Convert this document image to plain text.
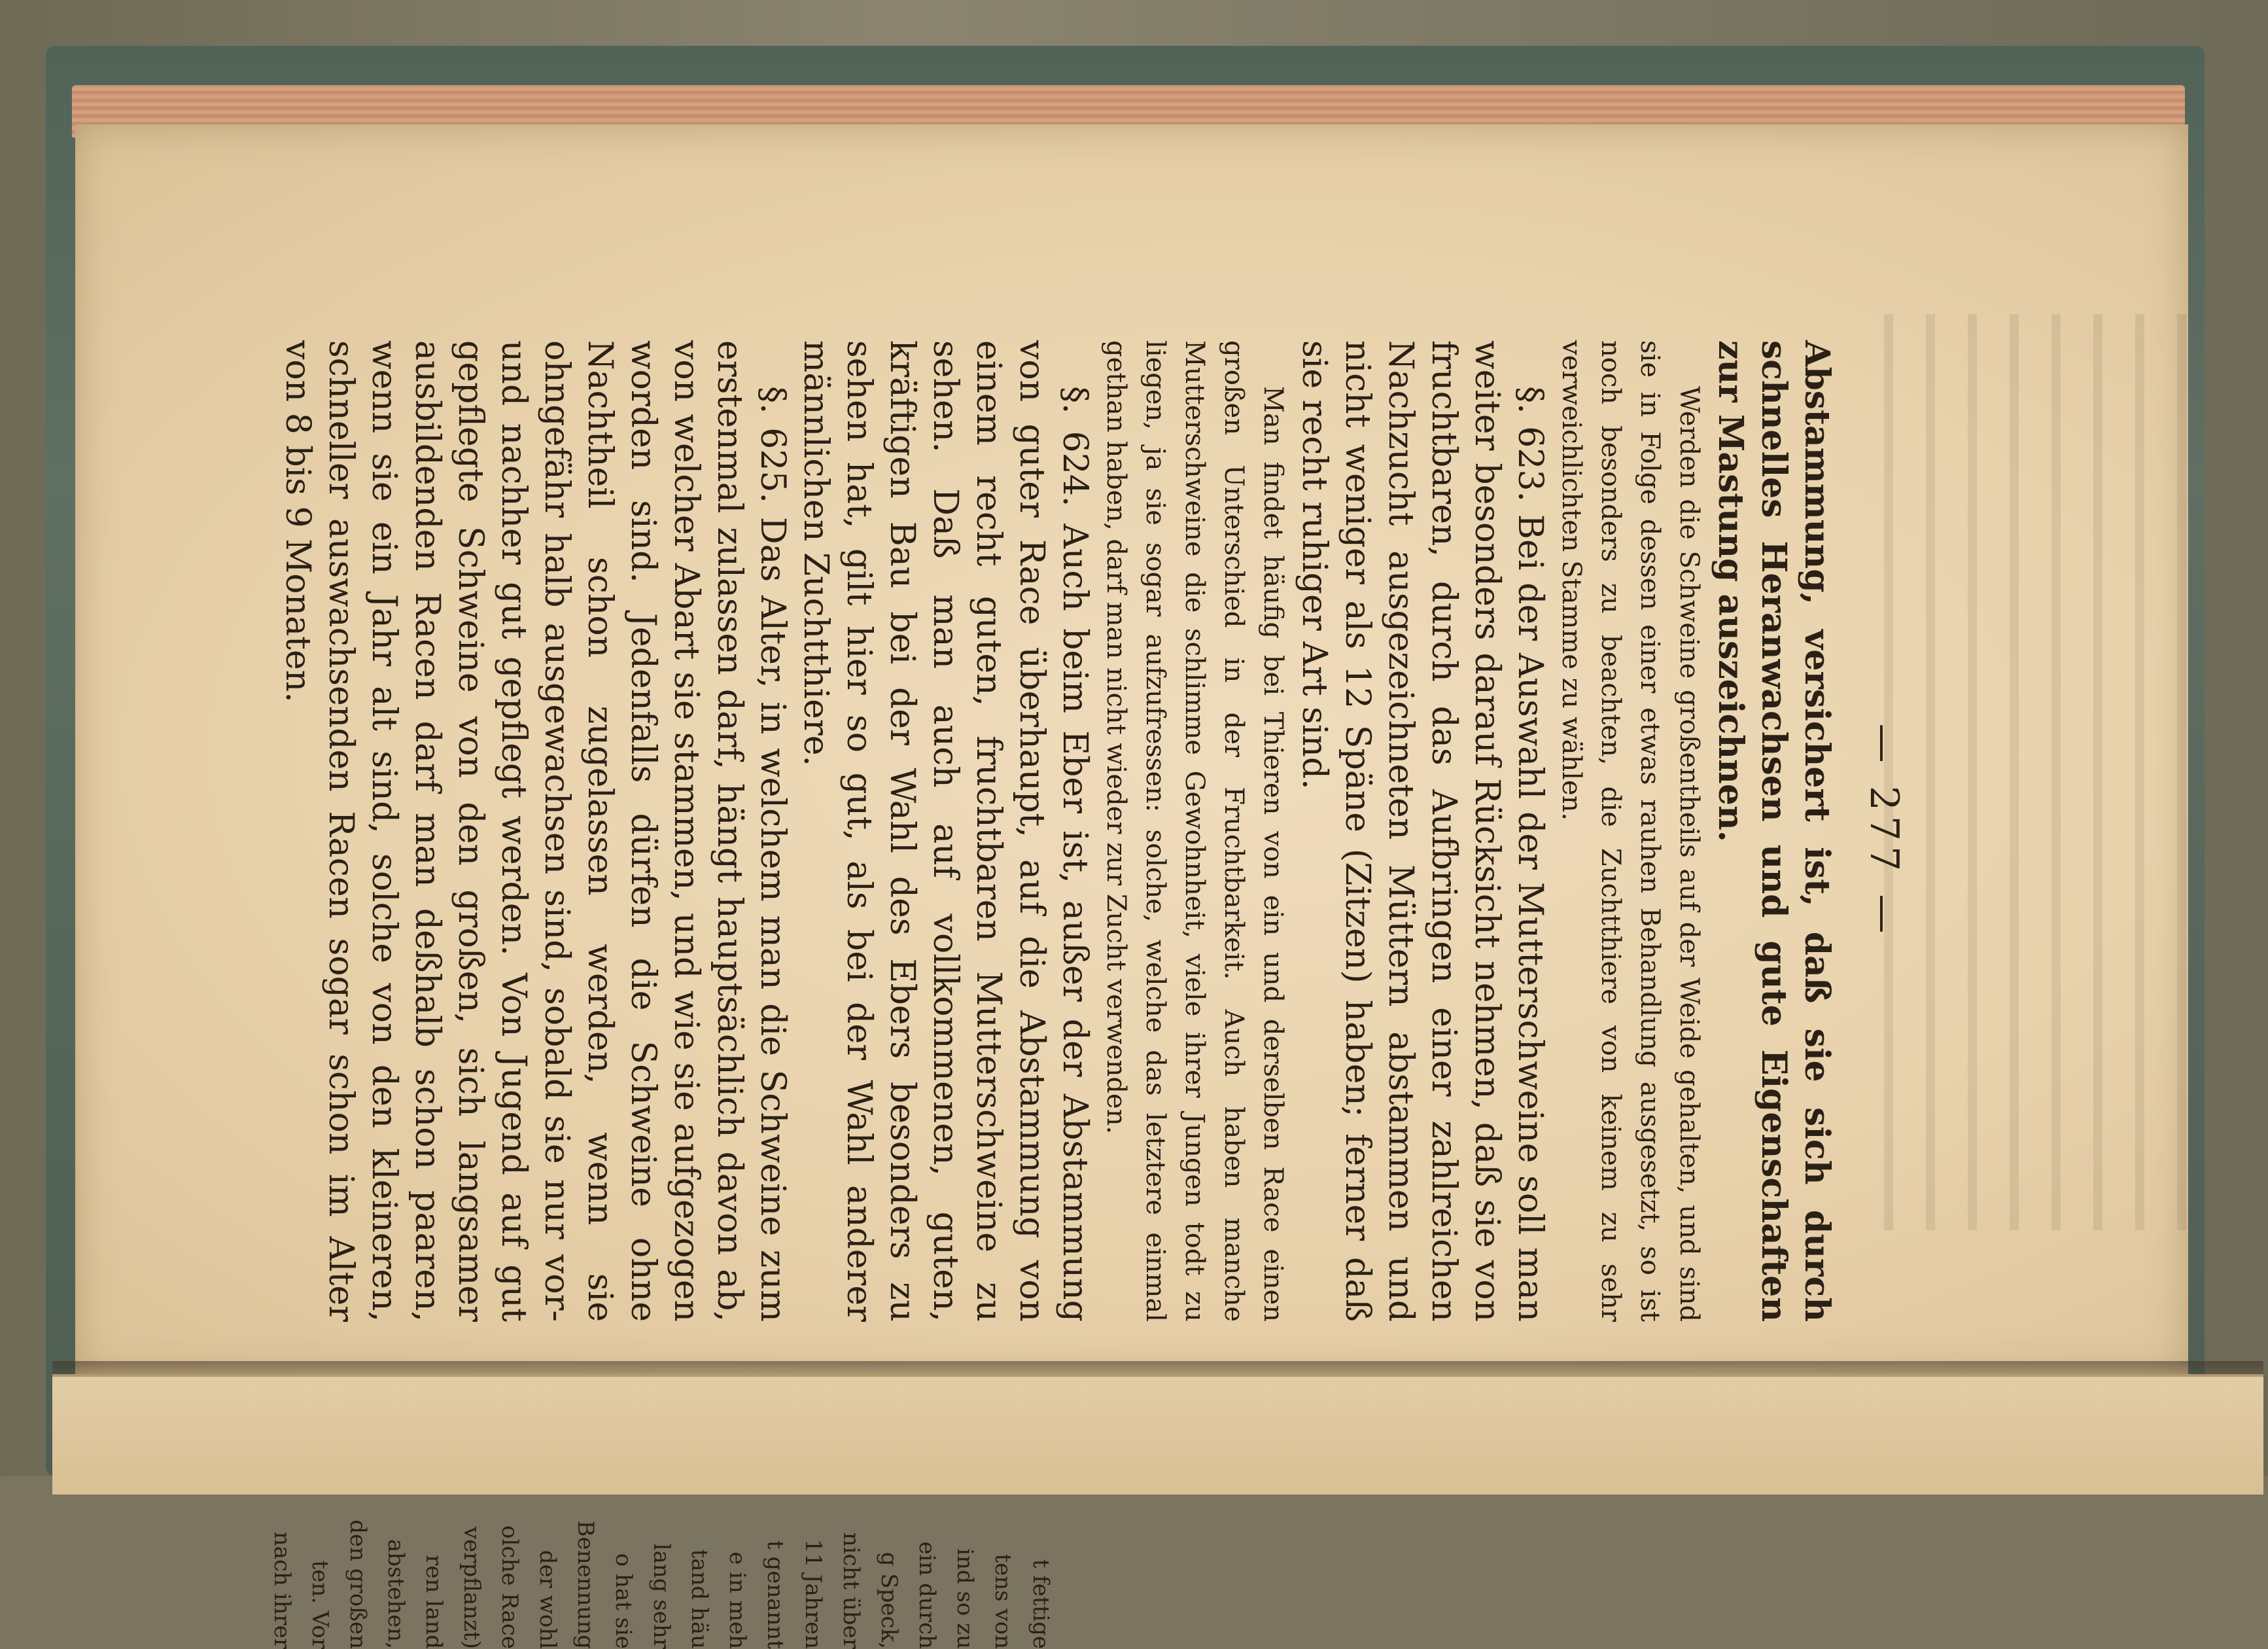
— 277 —

Abstammung, versichert ist, daß sie sich durch schnelles Heranwachsen und gute Eigenschaften zur Mastung auszeichnen.

Werden die Schweine großentheils auf der Weide gehalten, und sind sie in Folge dessen einer etwas rauhen Behandlung ausgesetzt, so ist noch besonders zu beachten, die Zuchtthiere von keinem zu sehr verweichlichten Stamme zu wählen.

§. 623. Bei der Auswahl der Mutterschweine soll man weiter besonders darauf Rücksicht nehmen, daß sie von fruchtbaren, durch das Aufbringen einer zahlreichen Nachzucht ausgezeichneten Müttern abstammen und nicht weniger als 12 Späne (Zitzen) haben; ferner daß sie recht ruhiger Art sind.

Man findet häufig bei Thieren von ein und derselben Race einen großen Unterschied in der Fruchtbarkeit. Auch haben manche Mutterschweine die schlimme Gewohnheit, viele ihrer Jungen todt zu liegen, ja sie sogar aufzufressen: solche, welche das letztere einmal gethan haben, darf man nicht wieder zur Zucht verwenden.

§. 624. Auch beim Eber ist, außer der Abstammung von guter Race überhaupt, auf die Abstammung von einem recht guten, fruchtbaren Mutterschweine zu sehen. Daß man auch auf vollkommenen, guten, kräftigen Bau bei der Wahl des Ebers besonders zu sehen hat, gilt hier so gut, als bei der Wahl anderer männlichen Zuchtthiere.

§. 625. Das Alter, in welchem man die Schweine zum erstenmal zulassen darf, hängt hauptsächlich davon ab, von welcher Abart sie stammen, und wie sie aufgezogen worden sind. Jedenfalls dürfen die Schweine ohne Nachtheil schon zugelassen werden, wenn sie ohngefähr halb ausgewachsen sind, sobald sie nur vor- und nachher gut gepflegt werden. Von Jugend auf gut gepflegte Schweine von den großen, sich langsamer ausbildenden Racen darf man deßhalb schon paaren, wenn sie ein Jahr alt sind, solche von den kleineren, schneller auswachsenden Racen sogar schon im Alter von 8 bis 9 Monaten.

t fettige
tens von
ind so zu
ein durch
g Speck,
nicht über
11 Jahren
t genannt
e in meh
tand häu
lang sehr
o hat sie
Benennung
der wohl
olche Race
verpflanzt)
ren land
abstehen,
den großen
ten. Vor
nach ihrer
